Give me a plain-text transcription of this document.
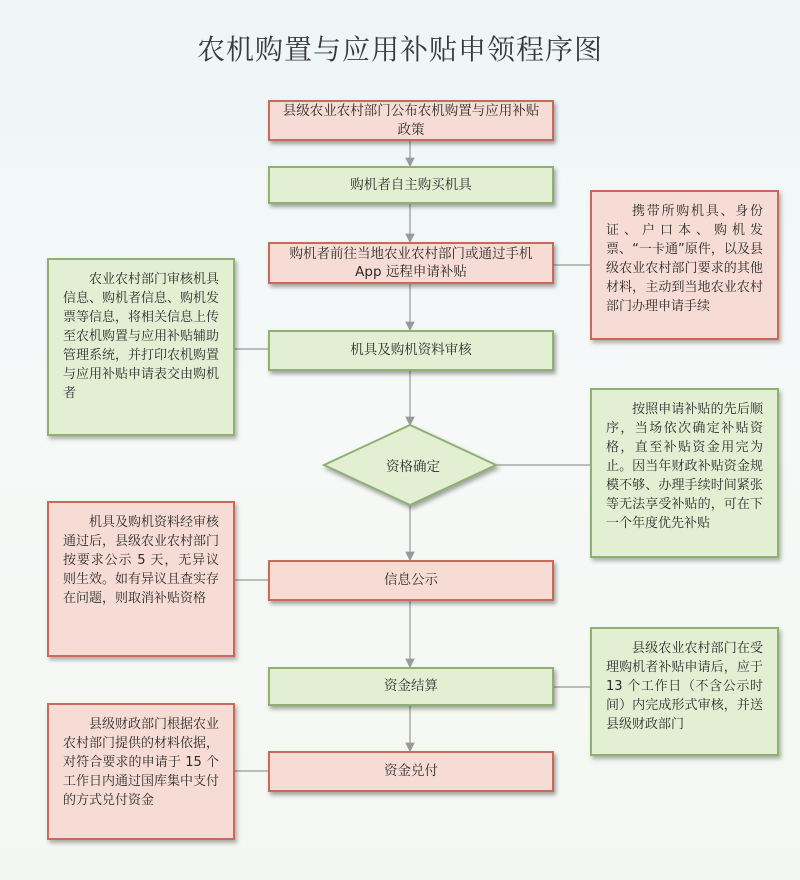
农机购置与应用补贴申领程序图
县级农业农村部门公布农机购置与应用补贴政策
购机者自主购买机具
购机者前往当地农业农村部门或通过手机 App 远程申请补贴
机具及购机资料审核
资格确定
信息公示
资金结算
资金兑付
携带所购机具、身份证、户口本、购机发票、“一卡通”原件，以及县级农业农村部门要求的其他材料，主动到当地农业农村部门办理申请手续
农业农村部门审核机具信息、购机者信息、购机发票等信息，将相关信息上传至农机购置与应用补贴辅助管理系统，并打印农机购置与应用补贴申请表交由购机者
按照申请补贴的先后顺序，当场依次确定补贴资格，直至补贴资金用完为止。因当年财政补贴资金规模不够、办理手续时间紧张等无法享受补贴的，可在下一个年度优先补贴
机具及购机资料经审核通过后，县级农业农村部门按要求公示 5 天，无异议则生效。如有异议且查实存在问题，则取消补贴资格
县级农业农村部门在受理购机者补贴申请后，应于 13 个工作日（不含公示时间）内完成形式审核，并送县级财政部门
县级财政部门根据农业农村部门提供的材料依据，对符合要求的申请于 15 个工作日内通过国库集中支付的方式兑付资金
